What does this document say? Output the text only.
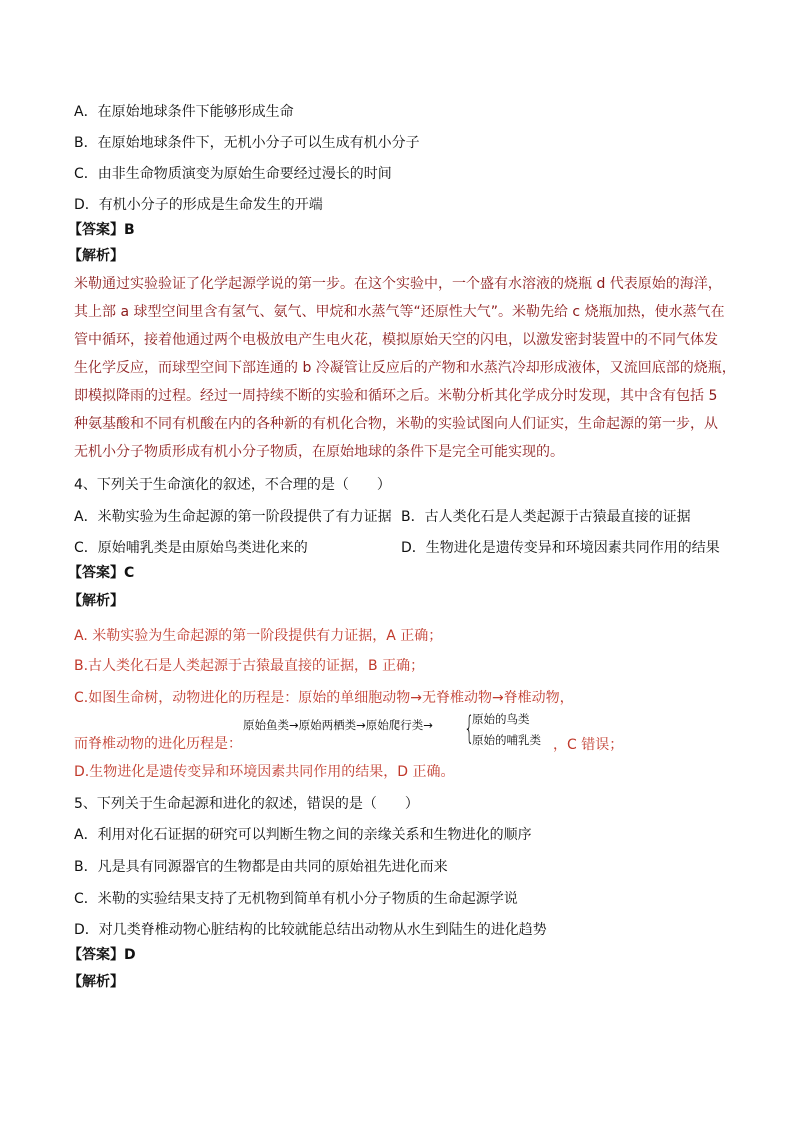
A．在原始地球条件下能够形成生命
B．在原始地球条件下，无机小分子可以生成有机小分子
C．由非生命物质演变为原始生命要经过漫长的时间
D．有机小分子的形成是生命发生的开端
【答案】B
【解析】
米勒通过实验验证了化学起源学说的第一步。在这个实验中，一个盛有水溶液的烧瓶 d 代表原始的海洋，
其上部 a 球型空间里含有氢气、氨气、甲烷和水蒸气等“还原性大气”。米勒先给 c 烧瓶加热，使水蒸气在
管中循环，接着他通过两个电极放电产生电火花，模拟原始天空的闪电，以激发密封装置中的不同气体发
生化学反应，而球型空间下部连通的 b 冷凝管让反应后的产物和水蒸汽冷却形成液体，又流回底部的烧瓶，
即模拟降雨的过程。经过一周持续不断的实验和循环之后。米勒分析其化学成分时发现，其中含有包括 5
种氨基酸和不同有机酸在内的各种新的有机化合物，米勒的实验试图向人们证实，生命起源的第一步，从
无机小分子物质形成有机小分子物质，在原始地球的条件下是完全可能实现的。
4、下列关于生命演化的叙述，不合理的是（　　）
A．米勒实验为生命起源的第一阶段提供了有力证据 B．古人类化石是人类起源于古猿最直接的证据
C．原始哺乳类是由原始鸟类进化来的	D．生物进化是遗传变异和环境因素共同作用的结果
【答案】C
【解析】
A. 米勒实验为生命起源的第一阶段提供有力证据，A 正确；
B.古人类化石是人类起源于古猿最直接的证据，B 正确；
C.如图生命树，动物进化的历程是：原始的单细胞动物→无脊椎动物→脊椎动物，
而脊椎动物的进化历程是：
原始鱼类→原始两栖类→原始爬行类→ {
原始的鸟类
原始的哺乳类 ，C 错误；
D.生物进化是遗传变异和环境因素共同作用的结果，D 正确。
5、下列关于生命起源和进化的叙述，错误的是（　　）
A．利用对化石证据的研究可以判断生物之间的亲缘关系和生物进化的顺序
B．凡是具有同源器官的生物都是由共同的原始祖先进化而来
C．米勒的实验结果支持了无机物到简单有机小分子物质的生命起源学说
D．对几类脊椎动物心脏结构的比较就能总结出动物从水生到陆生的进化趋势
【答案】D
【解析】
